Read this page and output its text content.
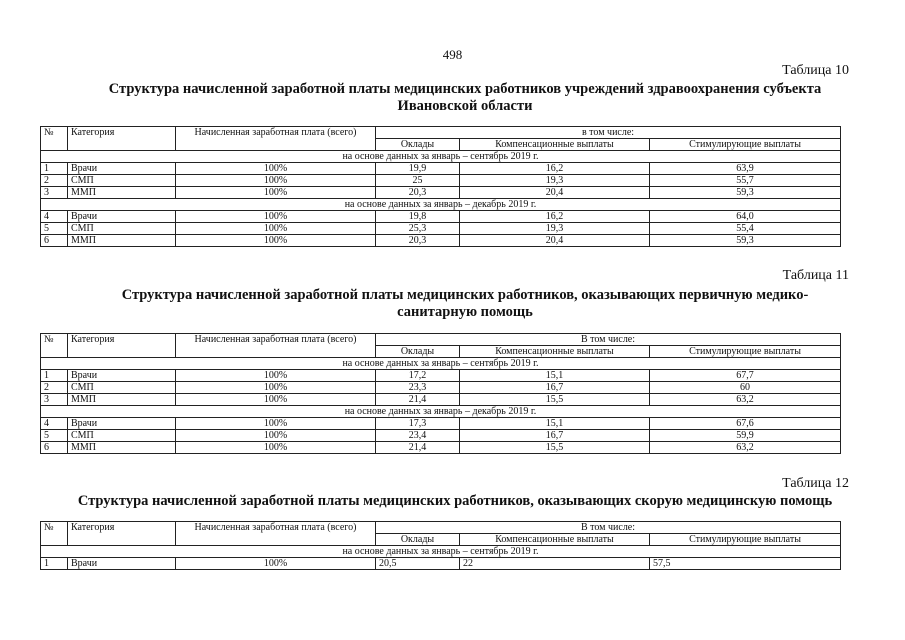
498
Таблица 10
Структура начисленной заработной платы медицинских работников учреждений здравоохранения субъекта
Ивановской области
№	Категория	Начисленная заработная плата (всего)	в том числе:		
			Оклады	Компенсационные выплаты	Стимулирующие выплаты
на основе данных за январь – сентябрь 2019 г.					
1	Врачи	100%	19,9	16,2	63,9
2	СМП	100%	25	19,3	55,7
3	ММП	100%	20,3	20,4	59,3
на основе данных за январь – декабрь 2019 г.					
4	Врачи	100%	19,8	16,2	64,0
5	СМП	100%	25,3	19,3	55,4
6	ММП	100%	20,3	20,4	59,3
Таблица 11
Структура начисленной заработной платы медицинских работников, оказывающих первичную медико-
санитарную помощь
№	Категория	Начисленная заработная плата (всего)	В том числе:		
			Оклады	Компенсационные выплаты	Стимулирующие выплаты
на основе данных за январь – сентябрь 2019 г.					
1	Врачи	100%	17,2	15,1	67,7
2	СМП	100%	23,3	16,7	60
3	ММП	100%	21,4	15,5	63,2
на основе данных за январь – декабрь 2019 г.					
4	Врачи	100%	17,3	15,1	67,6
5	СМП	100%	23,4	16,7	59,9
6	ММП	100%	21,4	15,5	63,2
Таблица 12
Структура начисленной заработной платы медицинских работников, оказывающих скорую медицинскую помощь
№	Категория	Начисленная заработная плата (всего)	В том числе:		
			Оклады	Компенсационные выплаты	Стимулирующие выплаты
на основе данных за январь – сентябрь 2019 г.					
1	Врачи	100%	20,5	22	57,5
